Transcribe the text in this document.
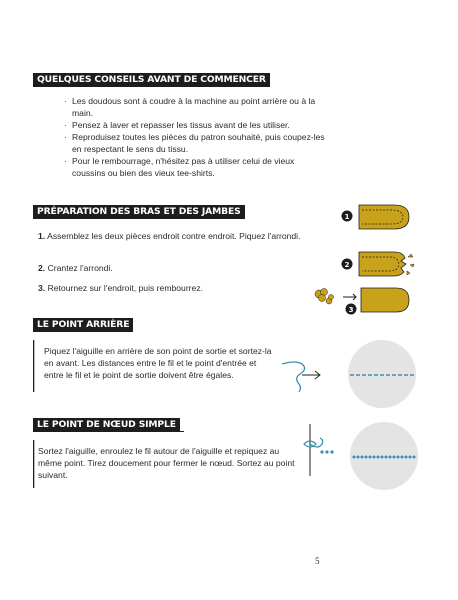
QUELQUES CONSEILS AVANT DE COMMENCER
· Les doudous sont à coudre à la machine au point arrière ou à la main.
· Pensez à laver et repasser les tissus avant de les utiliser.
· Reproduisez toutes les pièces du patron souhaité, puis coupez-les en respectant le sens du tissu.
· Pour le rembourrage, n'hésitez pas à utiliser celui de vieux coussins ou bien des vieux tee-shirts.
PRÉPARATION DES BRAS ET DES JAMBES
1. Assemblez les deux pièces endroit contre endroit. Piquez l'arrondi.
2. Crantez l'arrondi.
3. Retournez sur l'endroit, puis rembourrez.
1
2
3
LE POINT ARRIÈRE
Piquez l'aiguille en arrière de son point de sortie et sortez-la en avant. Les distances entre le fil et le point d'entrée et entre le fil et le point de sortie doivent être égales.
LE POINT DE NŒUD SIMPLE
Sortez l'aiguille, enroulez le fil autour de l'aiguille et repiquez au même point. Tirez doucement pour fermer le nœud. Sortez au point suivant.
5
